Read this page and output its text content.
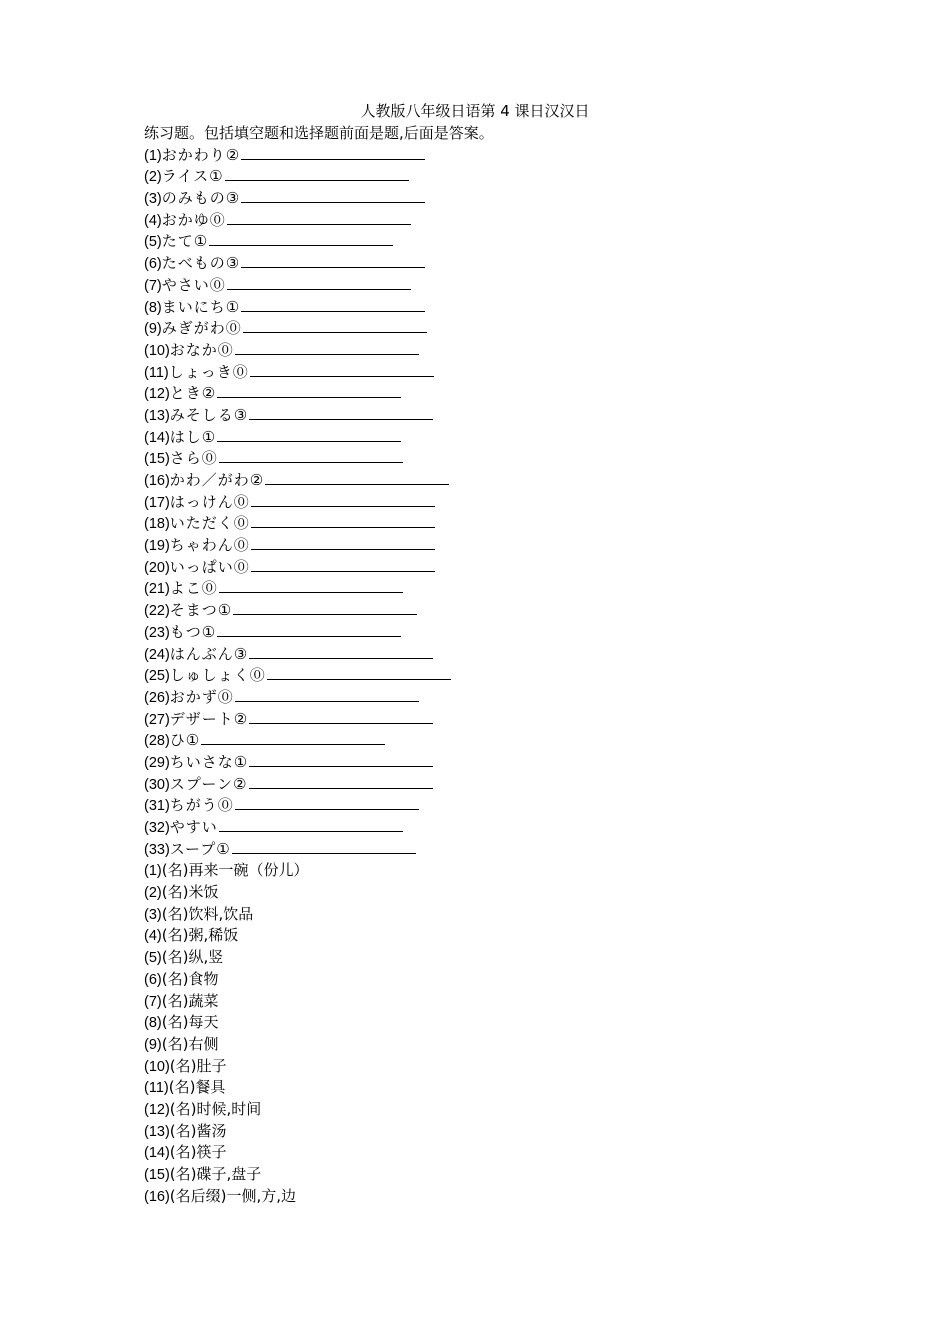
人教版八年级日语第 4 课日汉汉日
练习题。包括填空题和选择题前面是题,后面是答案。
(1)おかわり②
(2)ライス①
(3)のみもの③
(4)おかゆ⓪
(5)たて①
(6)たべもの③
(7)やさい⓪
(8)まいにち①
(9)みぎがわ⓪
(10)おなか⓪
(11)しょっき⓪
(12)とき②
(13)みそしる③
(14)はし①
(15)さら⓪
(16)かわ／がわ②
(17)はっけん⓪
(18)いただく⓪
(19)ちゃわん⓪
(20)いっぱい⓪
(21)よこ⓪
(22)そまつ①
(23)もつ①
(24)はんぶん③
(25)しゅしょく⓪
(26)おかず⓪
(27)デザート②
(28)ひ①
(29)ちいさな①
(30)スプーン②
(31)ちがう⓪
(32)やすい
(33)スープ①
(1)(名)再来一碗（份儿）
(2)(名)米饭
(3)(名)饮料,饮品
(4)(名)粥,稀饭
(5)(名)纵,竖
(6)(名)食物
(7)(名)蔬菜
(8)(名)每天
(9)(名)右侧
(10)(名)肚子
(11)(名)餐具
(12)(名)时候,时间
(13)(名)酱汤
(14)(名)筷子
(15)(名)碟子,盘子
(16)(名后缀)一侧,方,边
